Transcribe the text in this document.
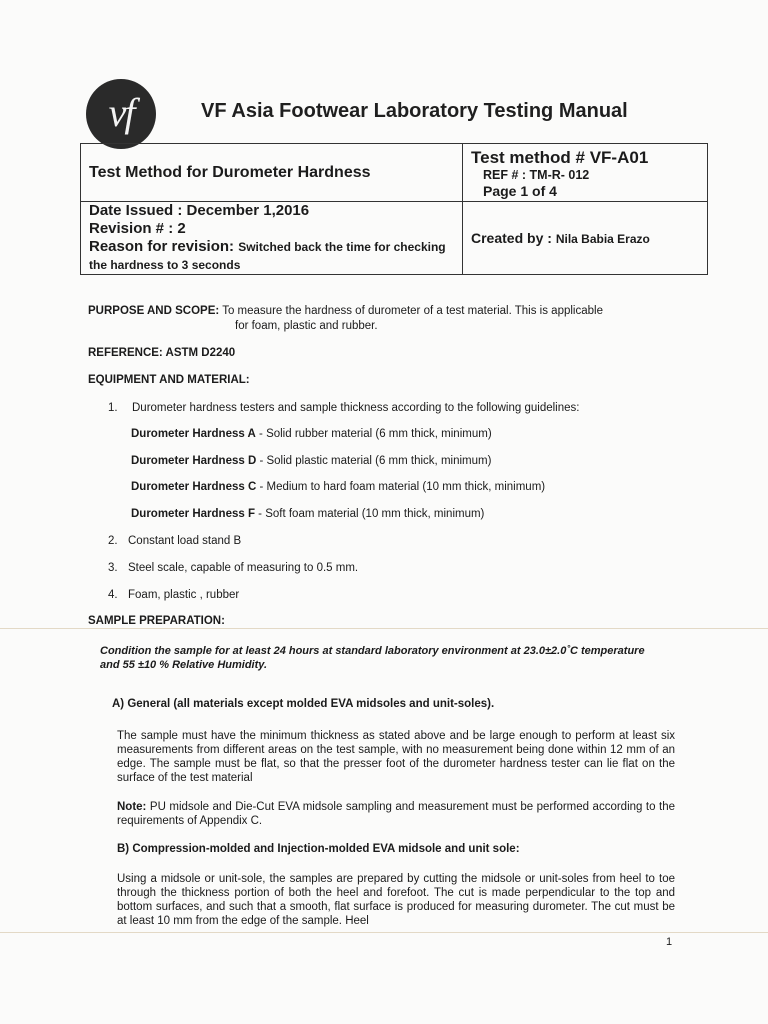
vf	VF Asia Footwear Laboratory Testing Manual
Test Method for Durometer Hardness	Test method # VF-A01
REF # : TM-R- 012
Page 1 of 4

Date Issued : December 1,2016
Revision # : 2
Reason for revision: Switched back the time for checking the hardness to 3 seconds	Created by : Nila Babia Erazo
PURPOSE AND SCOPE: To measure the hardness of durometer of a test material. This is applicable
for foam, plastic and rubber.
REFERENCE: ASTM D2240
EQUIPMENT AND MATERIAL:
1. Durometer hardness testers and sample thickness according to the following guidelines:
Durometer Hardness A - Solid rubber material (6 mm thick, minimum)
Durometer Hardness D - Solid plastic material (6 mm thick, minimum)
Durometer Hardness C - Medium to hard foam material (10 mm thick, minimum)
Durometer Hardness F - Soft foam material (10 mm thick, minimum)
2. Constant load stand B
3. Steel scale, capable of measuring to 0.5 mm.
4. Foam, plastic , rubber
SAMPLE PREPARATION:
Condition the sample for at least 24 hours at standard laboratory environment at 23.0±2.0˚C temperature and 55 ±10 % Relative Humidity.
A) General (all materials except molded EVA midsoles and unit-soles).
The sample must have the minimum thickness as stated above and be large enough to perform at least six measurements from different areas on the test sample, with no measurement being done within 12 mm of an edge. The sample must be flat, so that the presser foot of the durometer hardness tester can lie flat on the surface of the test material
Note: PU midsole and Die-Cut EVA midsole sampling and measurement must be performed according to the requirements of Appendix C.
B) Compression-molded and Injection-molded EVA midsole and unit sole:
Using a midsole or unit-sole, the samples are prepared by cutting the midsole or unit-soles from heel to toe through the thickness portion of both the heel and forefoot. The cut is made perpendicular to the top and bottom surfaces, and such that a smooth, flat surface is produced for measuring durometer. The cut must be at least 10 mm from the edge of the sample. Heel
1
